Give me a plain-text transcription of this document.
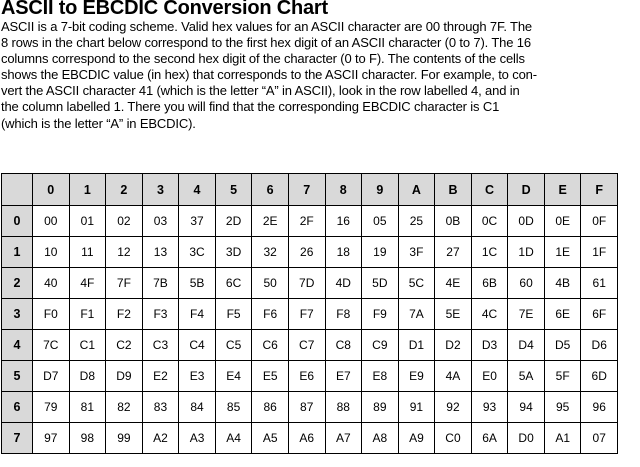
ASCII to EBCDIC Conversion Chart

ASCII is a 7-bit coding scheme. Valid hex values for an ASCII character are 00 through 7F. The
8 rows in the chart below correspond to the first hex digit of an ASCII character (0 to 7). The 16
columns correspond to the second hex digit of the character (0 to F). The contents of the cells
shows the EBCDIC value (in hex) that corresponds to the ASCII character. For example, to con-
vert the ASCII character 41 (which is the letter “A” in ASCII), look in the row labelled 4, and in
the column labelled 1. There you will find that the corresponding EBCDIC character is C1
(which is the letter “A” in EBCDIC).

	0	1	2	3	4	5	6	7	8	9	A	B	C	D	E	F
0	00	01	02	03	37	2D	2E	2F	16	05	25	0B	0C	0D	0E	0F
1	10	11	12	13	3C	3D	32	26	18	19	3F	27	1C	1D	1E	1F
2	40	4F	7F	7B	5B	6C	50	7D	4D	5D	5C	4E	6B	60	4B	61
3	F0	F1	F2	F3	F4	F5	F6	F7	F8	F9	7A	5E	4C	7E	6E	6F
4	7C	C1	C2	C3	C4	C5	C6	C7	C8	C9	D1	D2	D3	D4	D5	D6
5	D7	D8	D9	E2	E3	E4	E5	E6	E7	E8	E9	4A	E0	5A	5F	6D
6	79	81	82	83	84	85	86	87	88	89	91	92	93	94	95	96
7	97	98	99	A2	A3	A4	A5	A6	A7	A8	A9	C0	6A	D0	A1	07
